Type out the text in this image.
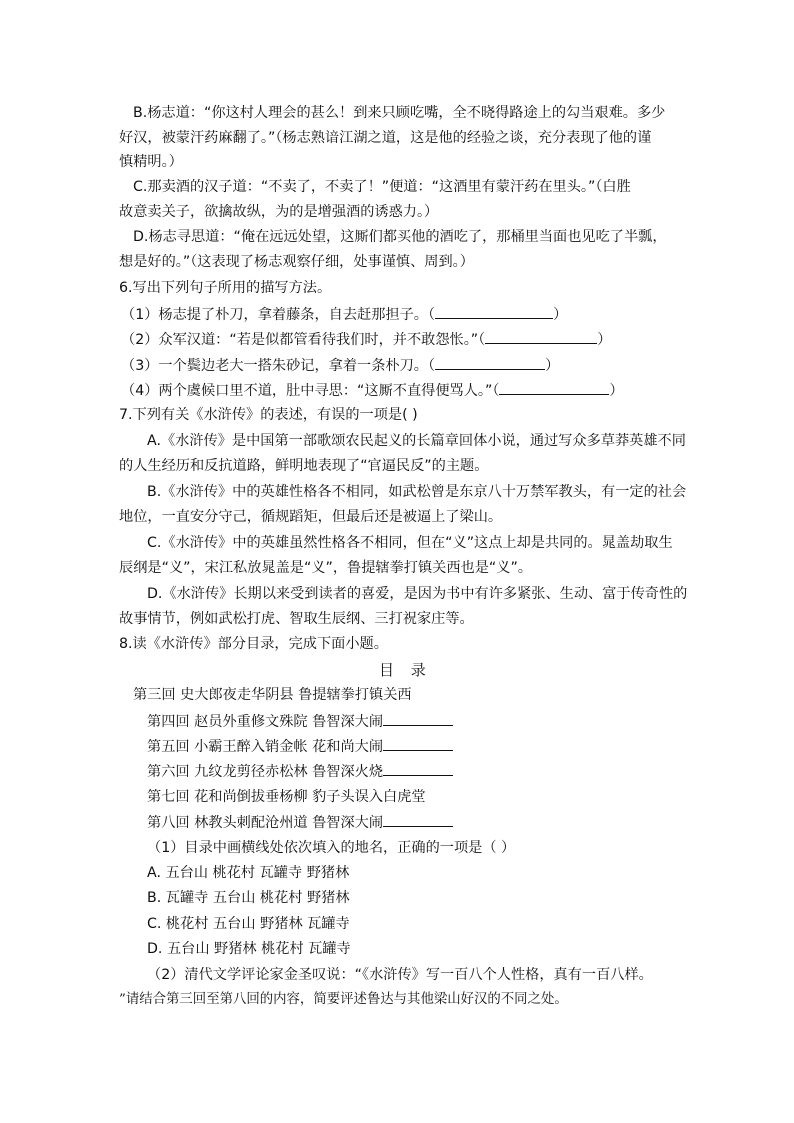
B.杨志道：“你这村人理会的甚么！到来只顾吃嘴，全不晓得路途上的勾当艰难。多少
好汉，被蒙汗药麻翻了。”（杨志熟谙江湖之道，这是他的经验之谈，充分表现了他的谨
慎精明。）
C.那卖酒的汉子道：“不卖了，不卖了！”便道：“这酒里有蒙汗药在里头。”（白胜
故意卖关子，欲擒故纵，为的是增强酒的诱惑力。）
D.杨志寻思道：“俺在远远处望，这厮们都买他的酒吃了，那桶里当面也见吃了半瓢，
想是好的。”（这表现了杨志观察仔细，处事谨慎、周到。）
6.写出下列句子所用的描写方法。
（1）杨志提了朴刀，拿着藤条，自去赶那担子。（	）
（2）众军汉道：“若是似都管看待我们时，并不敢怨怅。”（	）
（3）一个鬓边老大一搭朱砂记，拿着一条朴刀。（	）
（4）两个虞候口里不道，肚中寻思：“这厮不直得便骂人。”（	）
7.下列有关《水浒传》的表述，有误的一项是( )
A.《水浒传》是中国第一部歌颂农民起义的长篇章回体小说，通过写众多草莽英雄不同
的人生经历和反抗道路，鲜明地表现了“官逼民反”的主题。
B.《水浒传》中的英雄性格各不相同，如武松曾是东京八十万禁军教头，有一定的社会
地位，一直安分守己，循规蹈矩，但最后还是被逼上了梁山。
C.《水浒传》中的英雄虽然性格各不相同，但在“义”这点上却是共同的。晁盖劫取生
辰纲是“义”，宋江私放晁盖是“义”，鲁提辖拳打镇关西也是“义”。
D.《水浒传》长期以来受到读者的喜爱，是因为书中有许多紧张、生动、富于传奇性的
故事情节，例如武松打虎、智取生辰纲、三打祝家庄等。
8.读《水浒传》部分目录，完成下面小题。
目 录
第三回 史大郎夜走华阴县 鲁提辖拳打镇关西
第四回 赵员外重修文殊院 鲁智深大闹
第五回 小霸王醉入销金帐 花和尚大闹
第六回 九纹龙剪径赤松林 鲁智深火烧
第七回 花和尚倒拔垂杨柳 豹子头误入白虎堂
第八回 林教头刺配沧州道 鲁智深大闹
（1）目录中画横线处依次填入的地名，正确的一项是（ ）
A. 五台山 桃花村 瓦罐寺 野猪林
B. 瓦罐寺 五台山 桃花村 野猪林
C. 桃花村 五台山 野猪林 瓦罐寺
D. 五台山 野猪林 桃花村 瓦罐寺
（2）清代文学评论家金圣叹说：“《水浒传》写一百八个人性格，真有一百八样。
”请结合第三回至第八回的内容，简要评述鲁达与其他梁山好汉的不同之处。
